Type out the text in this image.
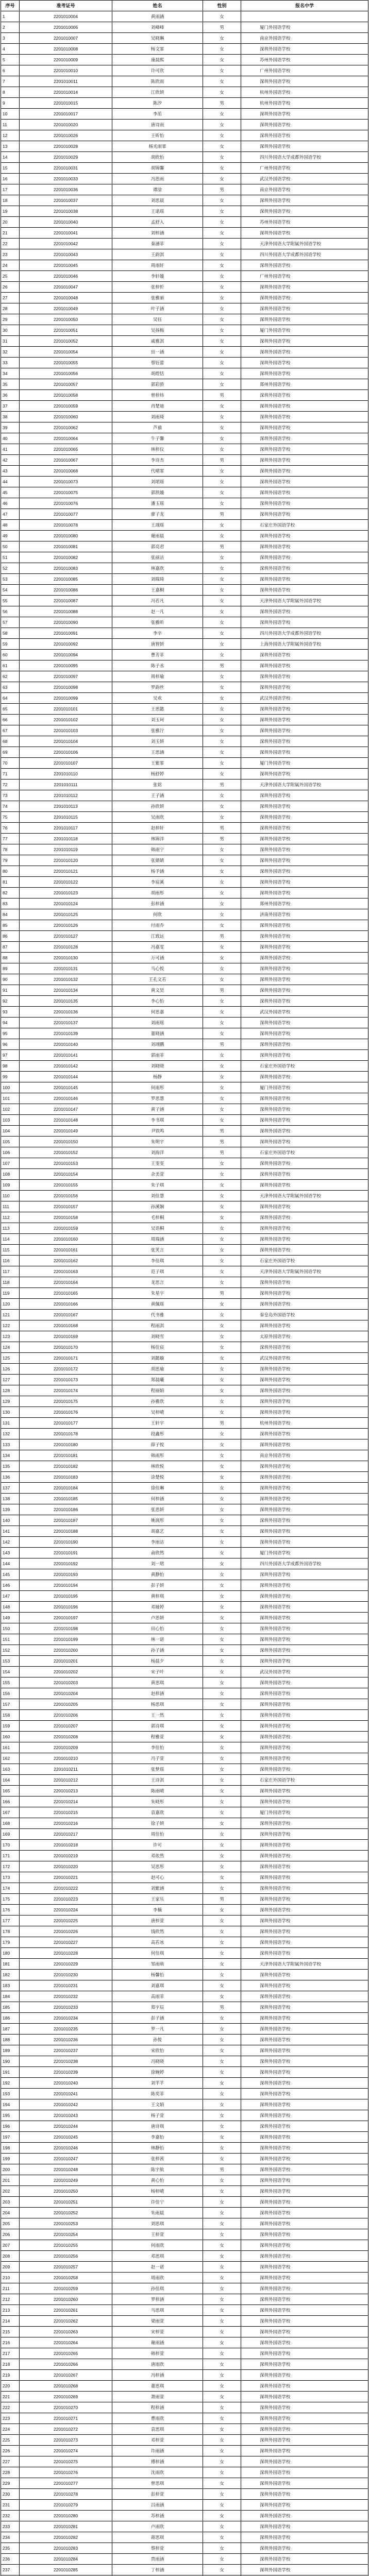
序号	准考证号	姓名	性别	报名中学
1	2201010004	黄雨涵	女	
2	2201010006	刘峰峰	男	厦门外国语学校
3	2201010007	吴晓琳	女	南京外国语学校
4	2201010008	杨文霏	女	深圳外国语学校
5	2201010009	康晨熙	女	苏州外国语学校
6	2201010010	许可欣	女	广州外国语学校
7	2201010011	陈欣雨	女	深圳外国语学校
8	2201010014	江欣妍	女	杭州外国语学校
9	2201010015	陈汐	男	杭州外国语学校
10	2201010017	李茁	女	深圳外国语学校
11	2201010020	唐诗雨	女	深圳外国语学校
12	2201010026	王昕怡	女	深圳外国语学校
13	2201010028	杨光雨霏	女	深圳外国语学校
14	2201010029	胡欣怡	女	四川外国语大学成都外国语学校
15	2201010031	胡锦馨	女	广州外国语学校
16	2201010033	冯思雨	女	武汉外国语学校
17	2201010036	谭淦	男	南京外国语学校
18	2201010037	刘思晨	女	深圳外国语学校
19	2201010038	王诺瑶	女	深圳外国语学校
20	2201010040	孟舒入	女	苏州外国语学校
21	2201010041	刘梓涵	女	深圳外国语学校
22	2201010042	秦涵菲	女	天津外国语大学附属外国语学校
23	2201010043	王韵淇	女	四川外国语大学成都外国语学校
24	2201010045	周雨轩	女	深圳外国语学校
25	2201010046	李轩媛	女	广州外国语学校
26	2201010047	张梓忻	女	深圳外国语学校
27	2201010048	张雅丽	女	深圳外国语学校
28	2201010049	叶子涵	女	深圳外国语学校
29	2201010050	吴钰	女	深圳外国语学校
30	2201010051	吴扬梅	女	厦门外国语学校
31	2201010052	戚雅淇	女	深圳外国语学校
32	2201010054	田一涵	女	深圳外国语学校
33	2201010055	蔡钰蕾	女	深圳外国语学校
34	2201010056	胡煜恬	女	深圳外国语学校
35	2201010057	郭彩骄	女	郑州外国语学校
36	2201010058	曾梓炜	男	深圳外国语学校
37	2201010059	肖楚迪	女	深圳外国语学校
38	2201010060	刘雨琦	女	深圳外国语学校
39	2201010062	芦禧	女	深圳外国语学校
40	2201010064	牛子馨	女	深圳外国语学校
41	2201010065	林梓仪	女	深圳外国语学校
42	2201010067	李诗杰	男	深圳外国语学校
43	2201010068	代晴霏	女	深圳外国语学校
44	2201010073	刘珺瑶	女	深圳外国语学校
45	2201010075	郭凯媛	女	深圳外国语学校
46	2201010076	潘玉瑶	女	深圳外国语学校
47	2201010077	廖子龙	男	深圳外国语学校
48	2201010078	王翊瑶	女	石家庄外国语学校
49	2201010080	谢雨晨	女	深圳外国语学校
50	2201010081	郭亮君	男	深圳外国语学校
51	2201010082	张丽洁	女	深圳外国语学校
52	2201010083	林嘉欣	女	深圳外国语学校
53	2201010085	刘瑞琦	女	深圳外国语学校
54	2201010086	王嘉桐	女	深圳外国语学校
55	2201010087	冯若凡	女	天津外国语大学附属外国语学校
56	2201010088	赵一凡	女	深圳外国语学校
57	2201010090	张雅昕	女	深圳外国语学校
58	2201010091	李辛	女	四川外国语大学成都外国语学校
59	2201010092	唐智妍	女	上海外国语大学附属外国语学校
60	2201010094	曹芳菲	女	深圳外国语学校
61	2201010095	陈子丞	男	深圳外国语学校
62	2201010097	周梓瑜	女	深圳外国语学校
63	2201010098	罗韵丝	女	深圳外国语学校
64	2201010099	吴欢	女	武汉外国语学校
65	2201010101	王思懿	女	深圳外国语学校
66	2201010102	刘玉珂	女	深圳外国语学校
67	2201010103	张雅泞	女	深圳外国语学校
68	2201010104	刘玉妍	女	深圳外国语学校
69	2201010106	王思涵	女	深圳外国语学校
70	2201010107	王紫霏	女	厦门外国语学校
71	2201010110	杨舒婷	女	深圳外国语学校
72	2201010111	张铭	男	天津外国语大学附属外国语学校
73	2201010112	王子涵	女	深圳外国语学校
74	2201010113	孙欣妍	女	深圳外国语学校
75	2201010115	吴雨欣	女	深圳外国语学校
76	2201010117	赵梓轩	男	深圳外国语学校
77	2201010118	林锦洋	男	深圳外国语学校
78	2201010119	韩雨宁	女	深圳外国语学校
79	2201010120	张婧婧	女	深圳外国语学校
80	2201010121	杨予涵	女	深圳外国语学校
81	2201010122	李宸溪	女	深圳外国语学校
82	2201010123	胡雨彤	女	深圳外国语学校
83	2201010124	彭梓涵	女	郑州外国语学校
84	2201010125	何欣	女	济南外国语学校
85	2201010126	付雨乔	女	深圳外国语学校
86	2201010127	江致远	男	深圳外国语学校
87	2201010128	冯嘉雯	女	深圳外国语学校
88	2201010130	万可涵	女	深圳外国语学校
89	2201010131	马心悦	女	深圳外国语学校
90	2201010132	王孔文若	女	深圳外国语学校
91	2201010134	黄文昊	男	深圳外国语学校
92	2201010135	李心怡	女	深圳外国语学校
93	2201010136	何思嘉	女	武汉外国语学校
94	2201010137	刘雨瑶	女	深圳外国语学校
95	2201010139	董晓涵	女	深圳外国语学校
96	2201010140	刘翊鹏	男	深圳外国语学校
97	2201010141	郭雨菲	女	深圳外国语学校
98	2201010142	刘晓晓	女	石家庄外国语学校
99	2201010144	杨静	女	深圳外国语学校
100	2201010145	何雨彤	女	厦门外国语学校
101	2201010146	罗思慧	女	深圳外国语学校
102	2201010147	黄子涵	女	深圳外国语学校
103	2201010148	李书琪	女	深圳外国语学校
104	2201010149	尹铁鸣	男	深圳外国语学校
105	2201010150	朱明宇	男	深圳外国语学校
106	2201010152	刘海洋	男	石家庄外国语学校
107	2201010153	王雯雯	女	深圳外国语学校
108	2201010154	余美萱	女	深圳外国语学校
109	2201010155	朱子琪	女	深圳外国语学校
110	2201010156	刘佳慧	女	天津外国语大学附属外国语学校
111	2201010157	孙溪娴	女	深圳外国语学校
112	2201010158	毛梓桐	女	深圳外国语学校
113	2201010159	吴语桐	女	深圳外国语学校
114	2201010160	周瑞涵	女	深圳外国语学校
115	2201010161	张笑言	女	深圳外国语学校
116	2201010162	李佳琪	女	石家庄外国语学校
117	2201010163	范子琪	女	天津外国语大学附属外国语学校
118	2201010164	龙思言	女	深圳外国语学校
119	2201010165	朱星宇	男	深圳外国语学校
120	2201010166	黄佩瑶	女	深圳外国语学校
121	2201010167	代书雅	女	秦皇岛外国语学校
122	2201010168	程雨淇	女	深圳外国语学校
123	2201010169	刘晓雪	女	太原外国语学校
124	2201010170	杨佳宸	女	深圳外国语学校
125	2201010171	刘懿璇	女	武汉外国语学校
126	2201010172	胡思瑜	女	深圳外国语学校
127	2201010173	郑晨曦	女	深圳外国语学校
128	2201010174	程丽娟	女	深圳外国语学校
129	2201010175	孙雅欣	女	深圳外国语学校
130	2201010176	吴梓晴	女	深圳外国语学校
131	2201010177	王轩宇	男	杭州外国语学校
132	2201010178	段鑫彤	女	深圳外国语学校
133	2201010180	薛子悦	女	深圳外国语学校
134	2201010181	韩雨彤	女	南京外国语学校
135	2201010182	林欣悦	女	深圳外国语学校
136	2201010183	涂楚悦	女	深圳外国语学校
137	2201010184	徐佳琳	女	深圳外国语学校
138	2201010185	何梓涵	女	深圳外国语学校
139	2201010186	张思妍	女	深圳外国语学校
140	2201010187	姚润彤	女	深圳外国语学校
141	2201010188	胡嘉艺	女	深圳外国语学校
142	2201010190	李雨洁	女	深圳外国语学校
143	2201010191	俞欣然	女	厦门外国语学校
144	2201010192	刘一珺	女	四川外国语大学成都外国语学校
145	2201010193	黄静怡	女	深圳外国语学校
146	2201010194	彭子妍	女	深圳外国语学校
147	2201010195	黄梓琪	女	深圳外国语学校
148	2201010196	邓娅婷	女	深圳外国语学校
149	2201010197	卢思妍	女	深圳外国语学校
150	2201010198	田心怡	女	深圳外国语学校
151	2201010199	林一诺	女	深圳外国语学校
152	2201010200	孙子涵	女	深圳外国语学校
153	2201010201	杨晨夕	女	深圳外国语学校
154	2201010202	宋子叶	女	武汉外国语学校
155	2201010203	黄思琪	女	深圳外国语学校
156	2201010204	赵梓涵	女	深圳外国语学校
157	2201010205	杨思琪	女	深圳外国语学校
158	2201010206	王一然	女	深圳外国语学校
159	2201010207	郭诗琪	女	深圳外国语学校
160	2201010208	程雅萱	女	深圳外国语学校
161	2201010209	李佳怡	女	深圳外国语学校
162	2201010210	冯子萱	女	深圳外国语学校
163	2201010211	张梦瑶	女	深圳外国语学校
164	2201010212	王诗淇	女	石家庄外国语学校
165	2201010213	陈雨晴	女	深圳外国语学校
166	2201010214	朱晓彤	女	深圳外国语学校
167	2201010215	袁嘉欣	女	厦门外国语学校
168	2201010216	徐子妍	女	深圳外国语学校
169	2201010217	周佳怡	女	深圳外国语学校
170	2201010218	许可	女	深圳外国语学校
171	2201010219	邓依然	女	深圳外国语学校
172	2201010220	吴思彤	女	深圳外国语学校
173	2201010221	赵可心	女	深圳外国语学校
174	2201010222	刘紫涵	女	深圳外国语学校
175	2201010223	王家乐	男	深圳外国语学校
176	2201010224	李楠	女	深圳外国语学校
177	2201010225	唐梓萱	女	深圳外国语学校
178	2201010226	钱欣然	女	深圳外国语学校
179	2201010227	高若冰	女	深圳外国语学校
180	2201010228	何佳琪	女	深圳外国语学校
181	2201010229	邹雨萌	女	天津外国语大学附属外国语学校
182	2201010230	杨馨怡	女	深圳外国语学校
183	2201010231	刘嘉琪	女	深圳外国语学校
184	2201010232	高雨菲	女	深圳外国语学校
185	2201010233	郑宇辰	男	深圳外国语学校
186	2201010234	彭子涵	女	深圳外国语学校
187	2201010235	罗一凡	女	深圳外国语学校
188	2201010236	孙悦	女	深圳外国语学校
189	2201010237	宋欣怡	女	深圳外国语学校
190	2201010238	冯晓晓	女	深圳外国语学校
191	2201010239	徐婉婷	女	深圳外国语学校
192	2201010240	刘芊芊	女	深圳外国语学校
193	2201010241	陈奕菲	女	深圳外国语学校
194	2201010242	王文娟	女	深圳外国语学校
195	2201010243	杨子萱	女	深圳外国语学校
196	2201010244	唐诗琪	女	深圳外国语学校
197	2201010245	李嘉怡	女	深圳外国语学校
198	2201010246	林静怡	女	深圳外国语学校
199	2201010247	张梓茜	女	深圳外国语学校
200	2201010248	陈宇航	男	深圳外国语学校
201	2201010249	黄心怡	女	深圳外国语学校
202	2201010250	杨梓晴	女	深圳外国语学校
203	2201010251	许佳宁	女	深圳外国语学校
204	2201010252	朱雨晨	女	深圳外国语学校
205	2201010253	刘思琪	女	深圳外国语学校
206	2201010254	王梓萱	女	深圳外国语学校
207	2201010255	何雨欣	女	深圳外国语学校
208	2201010256	邓思琪	女	深圳外国语学校
209	2201010257	赵一诺	女	深圳外国语学校
210	2201010258	周雨欣	女	深圳外国语学校
211	2201010259	孙佳琪	女	深圳外国语学校
212	2201010260	罗梓涵	女	深圳外国语学校
213	2201010261	马思琪	女	深圳外国语学校
214	2201010262	梁雨萱	女	深圳外国语学校
215	2201010263	宋梓萱	女	深圳外国语学校
216	2201010264	谢雨涵	女	深圳外国语学校
217	2201010265	韩梓萱	女	深圳外国语学校
218	2201010266	唐雨欣	女	深圳外国语学校
219	2201010267	冯梓涵	女	深圳外国语学校
220	2201010268	董思琪	女	深圳外国语学校
221	2201010269	萧雨萱	女	深圳外国语学校
222	2201010270	程梓涵	女	深圳外国语学校
223	2201010271	曹雨欣	女	深圳外国语学校
224	2201010272	袁思琪	女	深圳外国语学校
225	2201010273	邓梓萱	女	深圳外国语学校
226	2201010274	许雨涵	女	深圳外国语学校
227	2201010275	傅梓涵	女	深圳外国语学校
228	2201010276	沈雨欣	女	深圳外国语学校
229	2201010277	曾思琪	女	深圳外国语学校
230	2201010278	彭梓萱	女	深圳外国语学校
231	2201010279	吕雨涵	女	深圳外国语学校
232	2201010280	苏梓涵	女	深圳外国语学校
233	2201010281	卢雨欣	女	深圳外国语学校
234	2201010282	蒋思琪	女	深圳外国语学校
235	2201010283	蔡梓萱	女	深圳外国语学校
236	2201010284	贾雨涵	女	深圳外国语学校
237	2201010285	丁梓涵	女	深圳外国语学校
